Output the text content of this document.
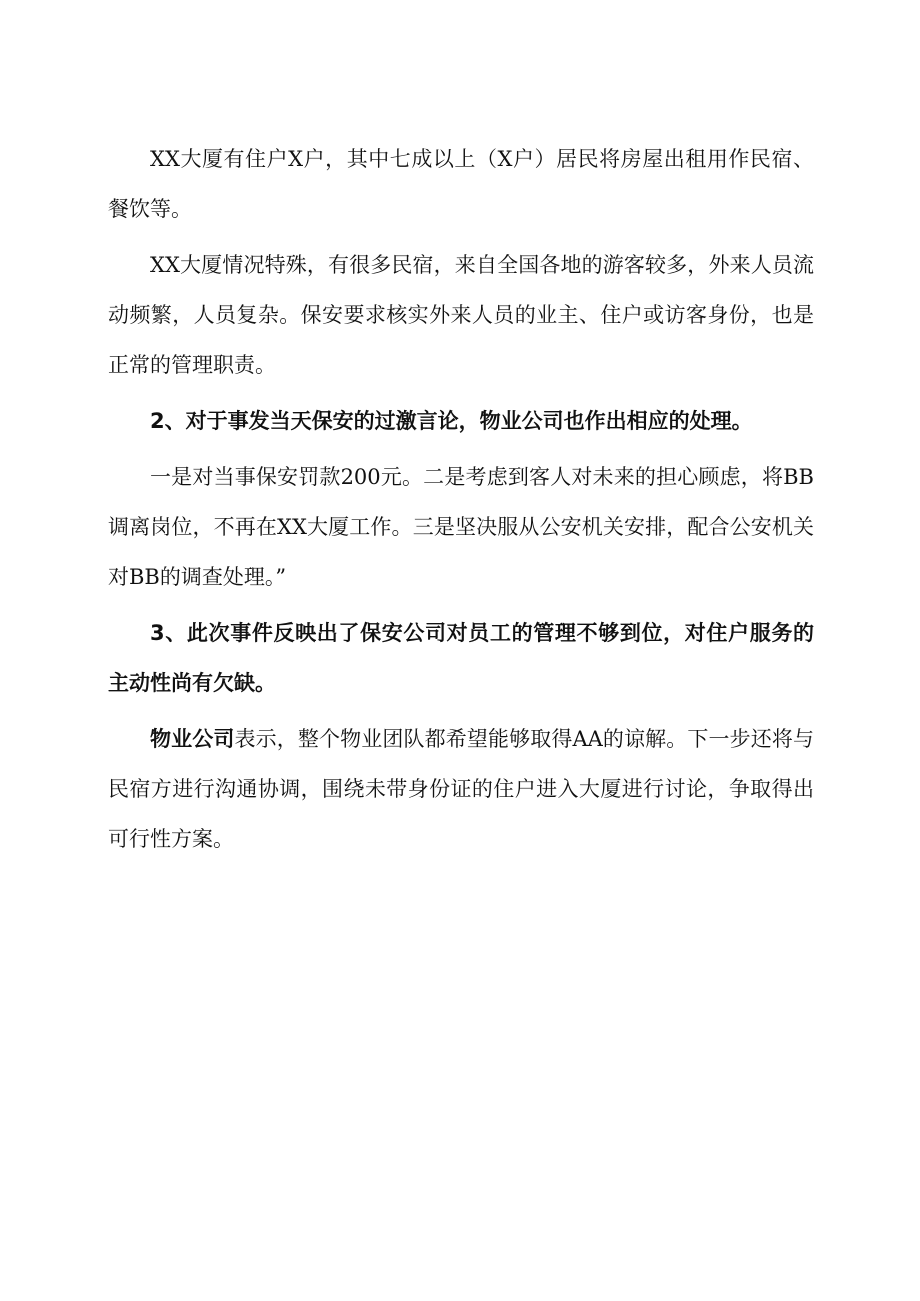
XX大厦有住户X户，其中七成以上（X户）居民将房屋出租用作民宿、餐饮等。

XX大厦情况特殊，有很多民宿，来自全国各地的游客较多，外来人员流动频繁，人员复杂。保安要求核实外来人员的业主、住户或访客身份，也是正常的管理职责。

2、对于事发当天保安的过激言论，物业公司也作出相应的处理。

一是对当事保安罚款200元。二是考虑到客人对未来的担心顾虑，将BB调离岗位，不再在XX大厦工作。三是坚决服从公安机关安排，配合公安机关对BB的调查处理。”

3、此次事件反映出了保安公司对员工的管理不够到位，对住户服务的主动性尚有欠缺。

物业公司表示，整个物业团队都希望能够取得AA的谅解。下一步还将与民宿方进行沟通协调，围绕未带身份证的住户进入大厦进行讨论，争取得出可行性方案。
